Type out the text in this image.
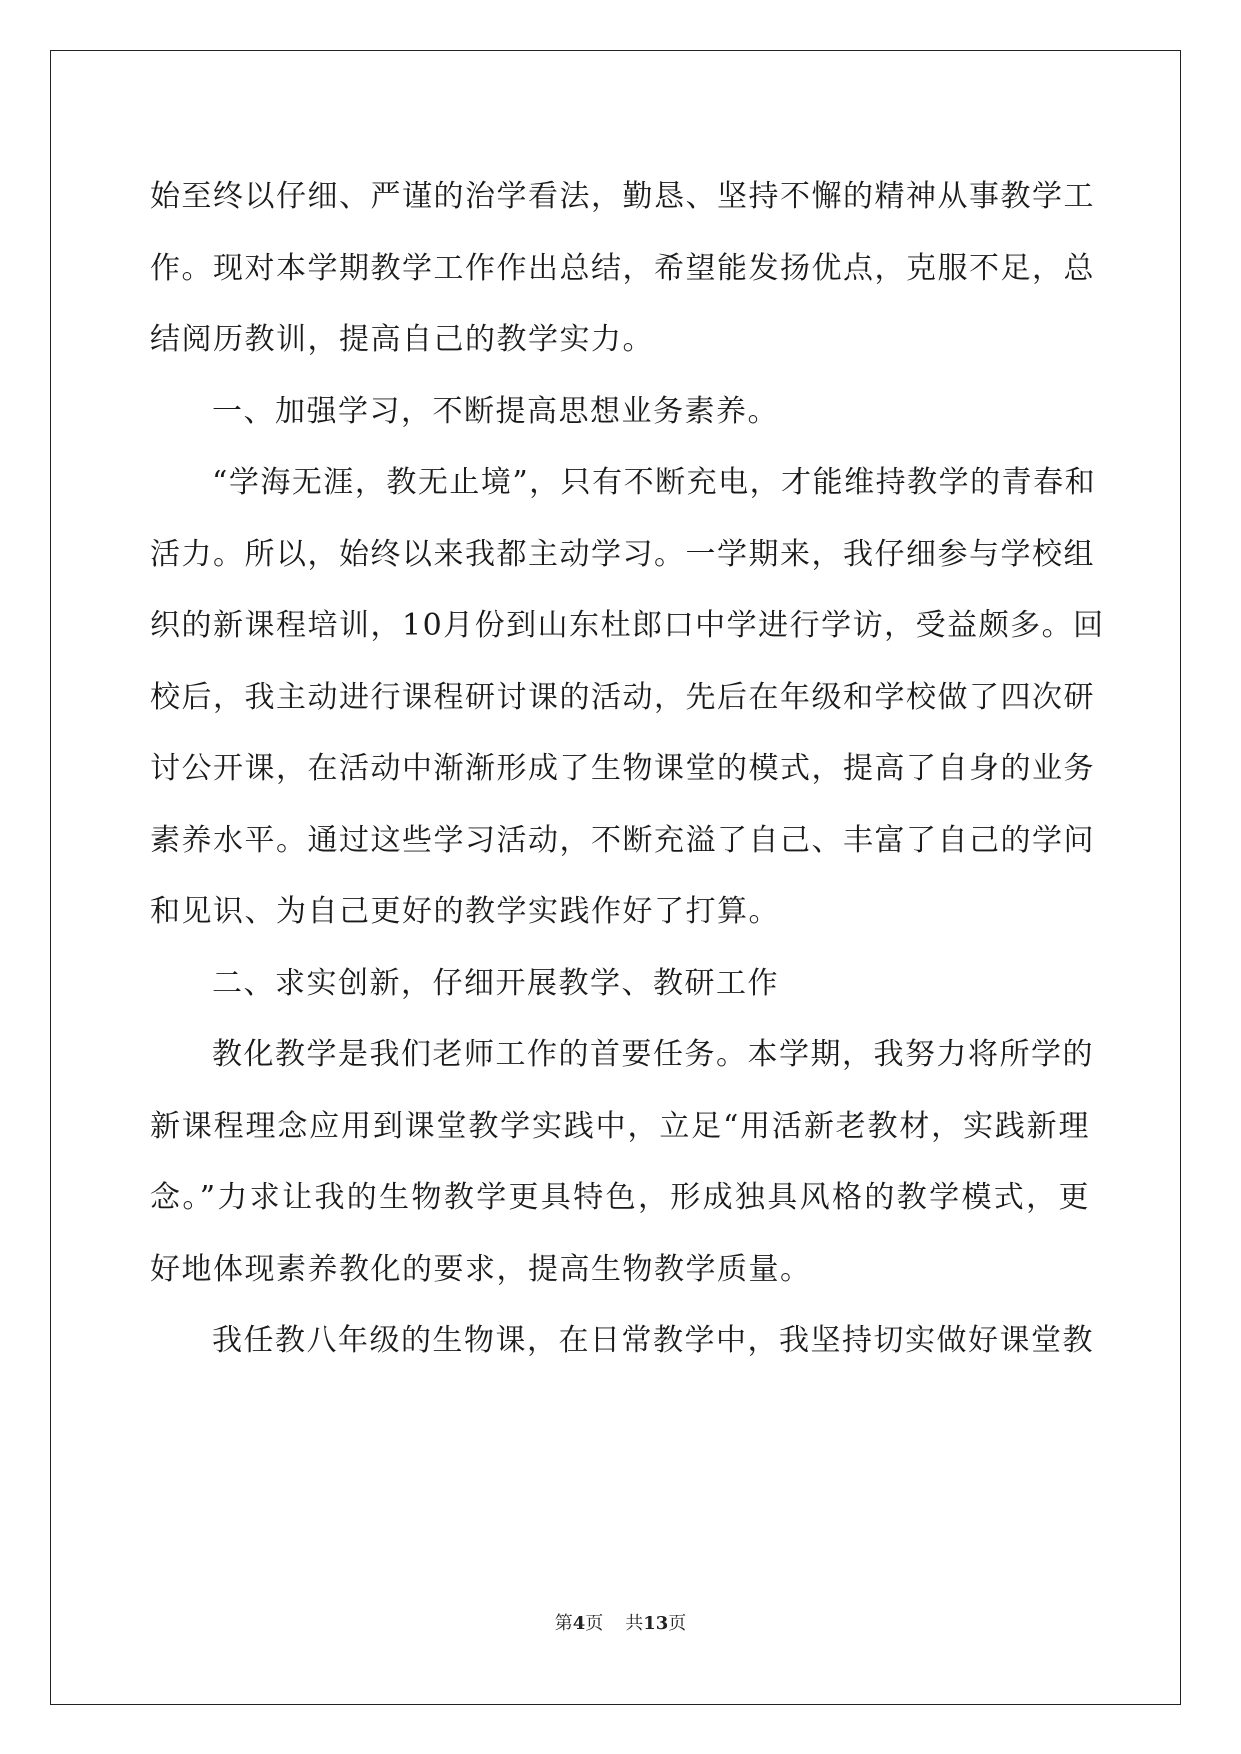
始至终以仔细、严谨的治学看法，勤恳、坚持不懈的精神从事教学工
作。现对本学期教学工作作出总结，希望能发扬优点，克服不足，总
结阅历教训，提高自己的教学实力。
一、加强学习，不断提高思想业务素养。
“学海无涯，教无止境”，只有不断充电，才能维持教学的青春和
活力。所以，始终以来我都主动学习。一学期来，我仔细参与学校组
织的新课程培训，10月份到山东杜郎口中学进行学访，受益颇多。回
校后，我主动进行课程研讨课的活动，先后在年级和学校做了四次研
讨公开课，在活动中渐渐形成了生物课堂的模式，提高了自身的业务
素养水平。通过这些学习活动，不断充溢了自己、丰富了自己的学问
和见识、为自己更好的教学实践作好了打算。
二、求实创新，仔细开展教学、教研工作
教化教学是我们老师工作的首要任务。本学期，我努力将所学的
新课程理念应用到课堂教学实践中，立足“用活新老教材，实践新理
念。”力求让我的生物教学更具特色，形成独具风格的教学模式，更
好地体现素养教化的要求，提高生物教学质量。
我任教八年级的生物课，在日常教学中，我坚持切实做好课堂教
第4页 共13页
